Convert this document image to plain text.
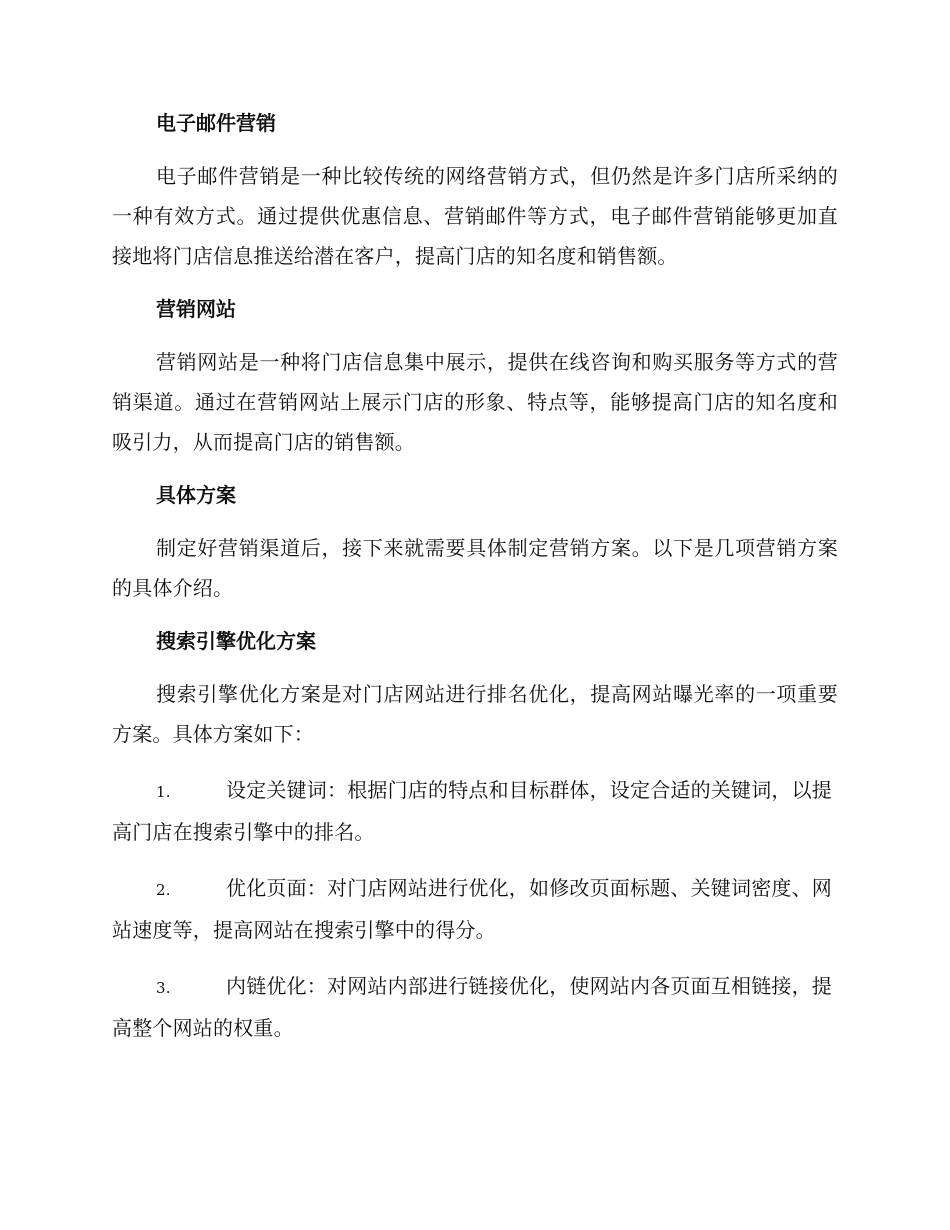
电子邮件营销

电子邮件营销是一种比较传统的网络营销方式，但仍然是许多门店所采纳的一种有效方式。通过提供优惠信息、营销邮件等方式，电子邮件营销能够更加直接地将门店信息推送给潜在客户，提高门店的知名度和销售额。

营销网站

营销网站是一种将门店信息集中展示，提供在线咨询和购买服务等方式的营销渠道。通过在营销网站上展示门店的形象、特点等，能够提高门店的知名度和吸引力，从而提高门店的销售额。

具体方案

制定好营销渠道后，接下来就需要具体制定营销方案。以下是几项营销方案的具体介绍。

搜索引擎优化方案

搜索引擎优化方案是对门店网站进行排名优化，提高网站曝光率的一项重要方案。具体方案如下：

1.	设定关键词：根据门店的特点和目标群体，设定合适的关键词，以提高门店在搜索引擎中的排名。
2.	优化页面：对门店网站进行优化，如修改页面标题、关键词密度、网站速度等，提高网站在搜索引擎中的得分。
3.	内链优化：对网站内部进行链接优化，使网站内各页面互相链接，提高整个网站的权重。
